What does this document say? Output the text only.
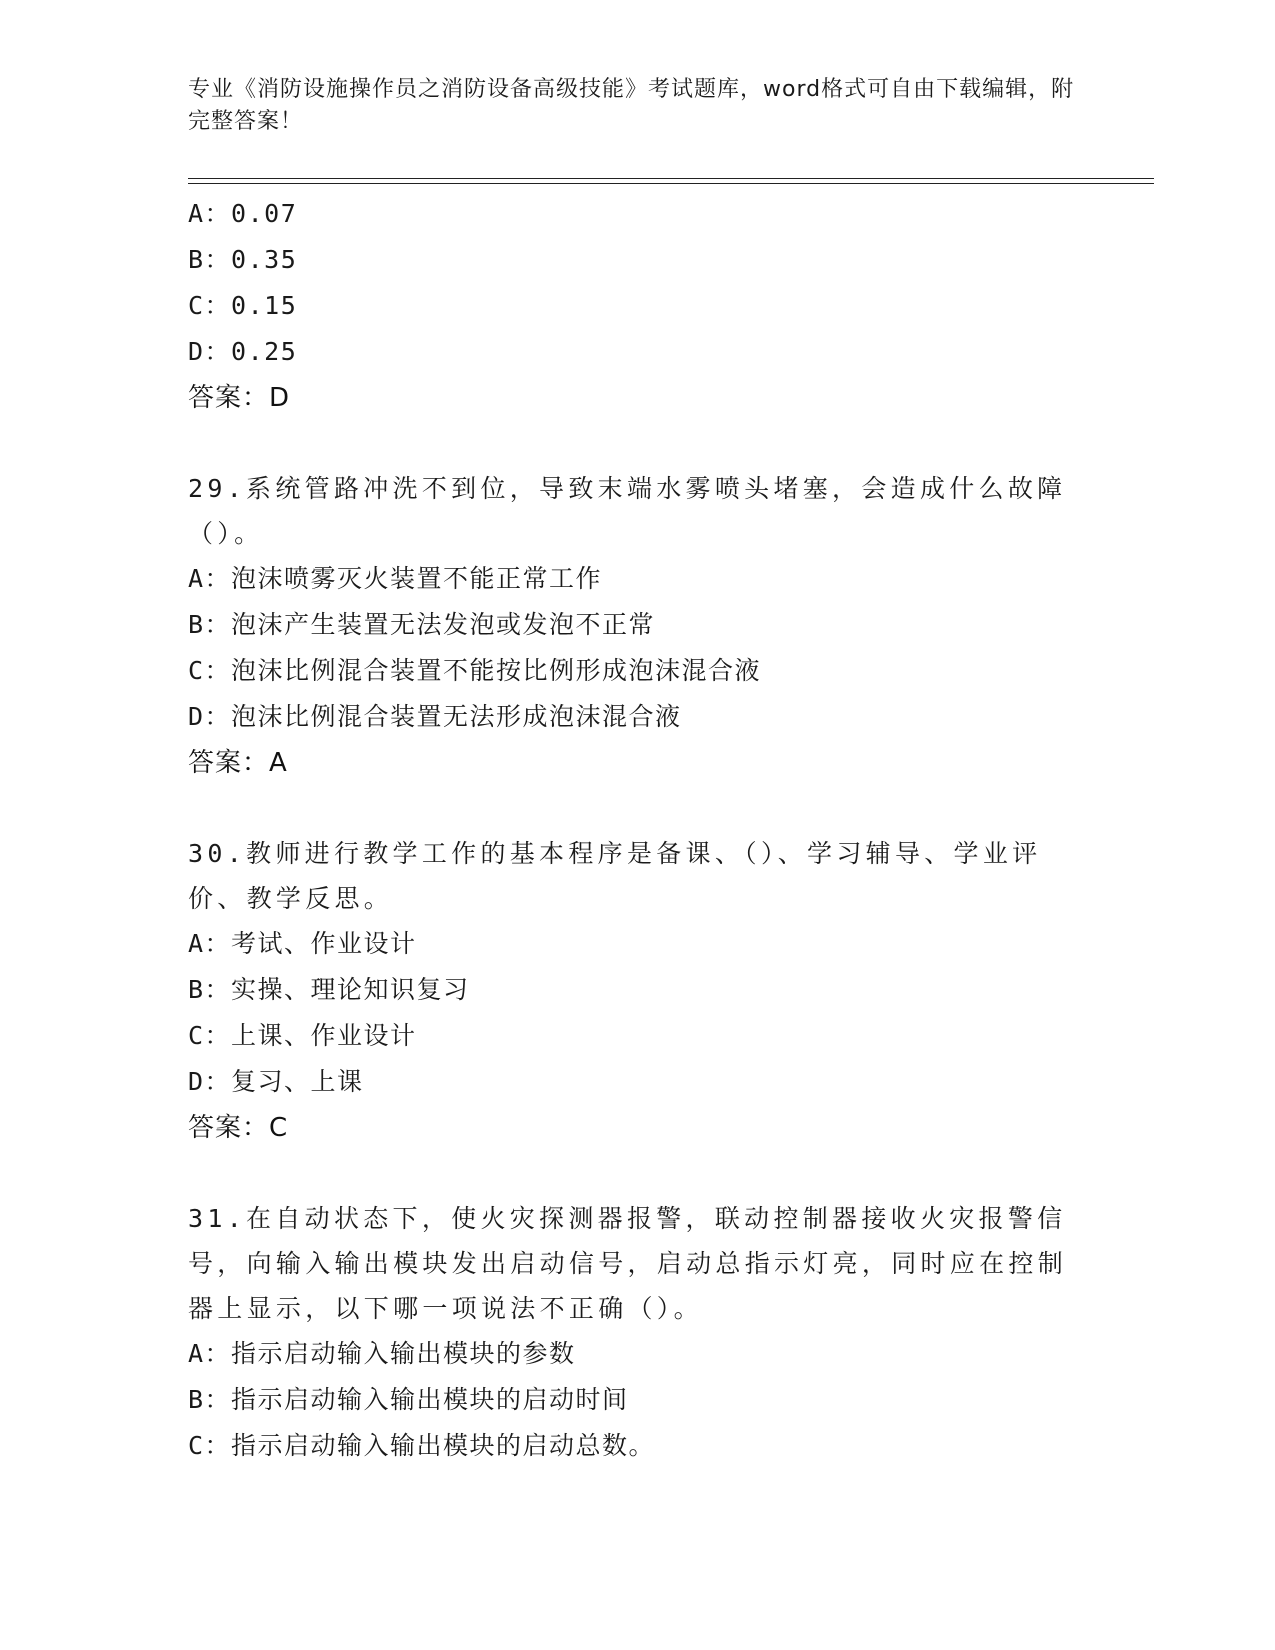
专业《消防设施操作员之消防设备高级技能》考试题库，word格式可自由下载编辑，附完整答案！
A：0.07
B：0.35
C：0.15
D：0.25
答案：D
29.系统管路冲洗不到位，导致末端水雾喷头堵塞，会造成什么故障（）。
A：泡沫喷雾灭火装置不能正常工作
B：泡沫产生装置无法发泡或发泡不正常
C：泡沫比例混合装置不能按比例形成泡沫混合液
D：泡沫比例混合装置无法形成泡沫混合液
答案：A
30.教师进行教学工作的基本程序是备课、（）、学习辅导、学业评价、教学反思。
A：考试、作业设计
B：实操、理论知识复习
C：上课、作业设计
D：复习、上课
答案：C
31.在自动状态下，使火灾探测器报警，联动控制器接收火灾报警信号，向输入输出模块发出启动信号，启动总指示灯亮，同时应在控制器上显示，以下哪一项说法不正确（）。
A：指示启动输入输出模块的参数
B：指示启动输入输出模块的启动时间
C：指示启动输入输出模块的启动总数。
